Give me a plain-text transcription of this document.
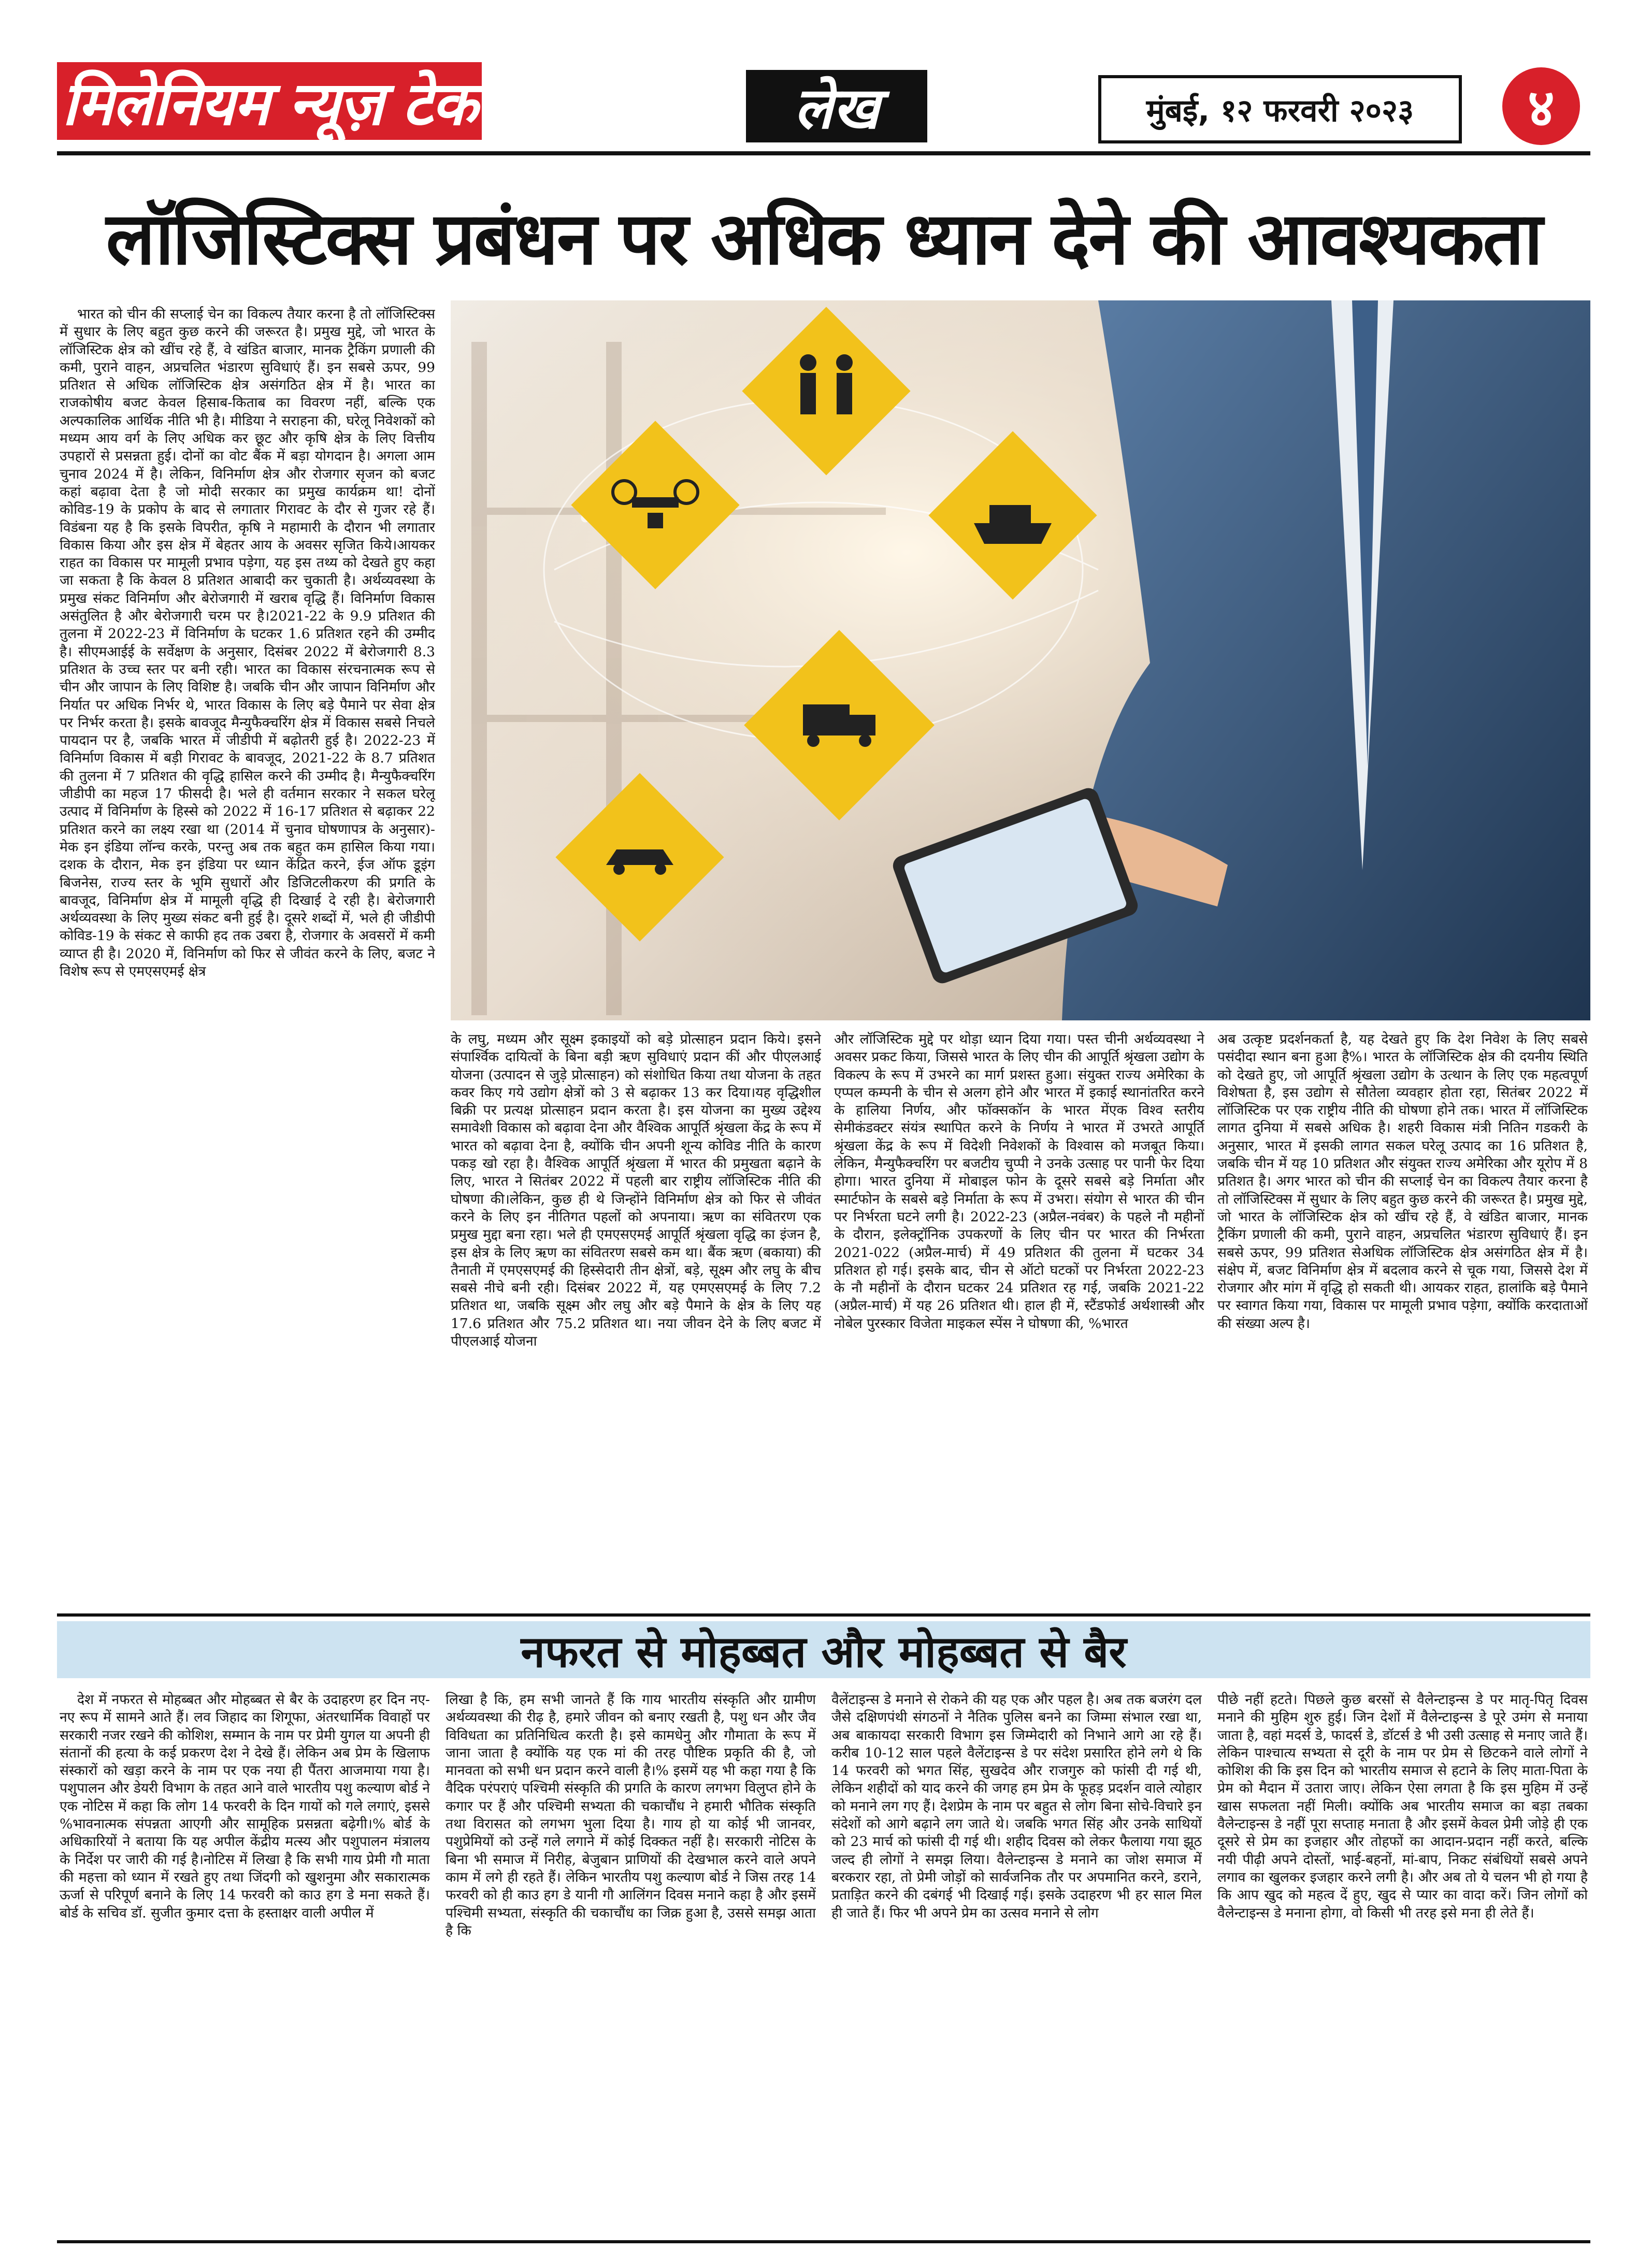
मिलेनियम न्यूज़ टेक	लेख	मुंबई, १२ फरवरी २०२३	४
लॉजिस्टिक्स प्रबंधन पर अधिक ध्यान देने की आवश्यकता

भारत को चीन की सप्लाई चेन का विकल्प तैयार करना है तो लॉजिस्टिक्स में सुधार के लिए बहुत कुछ करने की जरूरत है। प्रमुख मुद्दे, जो भारत के लॉजिस्टिक क्षेत्र को खींच रहे हैं, वे खंडित बाजार, मानक ट्रैकिंग प्रणाली की कमी, पुराने वाहन, अप्रचलित भंडारण सुविधाएं हैं। इन सबसे ऊपर, 99 प्रतिशत से अधिक लॉजिस्टिक क्षेत्र असंगठित क्षेत्र में है। भारत का राजकोषीय बजट केवल हिसाब-किताब का विवरण नहीं, बल्कि एक अल्पकालिक आर्थिक नीति भी है। मीडिया ने सराहना की, घरेलू निवेशकों को मध्यम आय वर्ग के लिए अधिक कर छूट और कृषि क्षेत्र के लिए वित्तीय उपहारों से प्रसन्नता हुई। दोनों का वोट बैंक में बड़ा योगदान है। अगला आम चुनाव 2024 में है। लेकिन, विनिर्माण क्षेत्र और रोजगार सृजन को बजट कहां बढ़ावा देता है जो मोदी सरकार का प्रमुख कार्यक्रम था! दोनों कोविड-19 के प्रकोप के बाद से लगातार गिरावट के दौर से गुजर रहे हैं। विडंबना यह है कि इसके विपरीत, कृषि ने महामारी के दौरान भी लगातार विकास किया और इस क्षेत्र में बेहतर आय के अवसर सृजित किये।आयकर राहत का विकास पर मामूली प्रभाव पड़ेगा, यह इस तथ्य को देखते हुए कहा जा सकता है कि केवल 8 प्रतिशत आबादी कर चुकाती है। अर्थव्यवस्था के प्रमुख संकट विनिर्माण और बेरोजगारी में खराब वृद्धि हैं। विनिर्माण विकास असंतुलित है और बेरोजगारी चरम पर है।2021-22 के 9.9 प्रतिशत की तुलना में 2022-23 में विनिर्माण के घटकर 1.6 प्रतिशत रहने की उम्मीद है। सीएमआईई के सर्वेक्षण के अनुसार, दिसंबर 2022 में बेरोजगारी 8.3 प्रतिशत के उच्च स्तर पर बनी रही। भारत का विकास संरचनात्मक रूप से चीन और जापान के लिए विशिष्ट है। जबकि चीन और जापान विनिर्माण और निर्यात पर अधिक निर्भर थे, भारत विकास के लिए बड़े पैमाने पर सेवा क्षेत्र पर निर्भर करता है। इसके बावजूद मैन्युफैक्चरिंग क्षेत्र में विकास सबसे निचले पायदान पर है, जबकि भारत में जीडीपी में बढ़ोतरी हुई है। 2022-23 में विनिर्माण विकास में बड़ी गिरावट के बावजूद, 2021-22 के 8.7 प्रतिशत की तुलना में 7 प्रतिशत की वृद्धि हासिल करने की उम्मीद है। मैन्युफैक्चरिंग जीडीपी का महज 17 फीसदी है। भले ही वर्तमान सरकार ने सकल घरेलू उत्पाद में विनिर्माण के हिस्से को 2022 में 16-17 प्रतिशत से बढ़ाकर 22 प्रतिशत करने का लक्ष्य रखा था (2014 में चुनाव घोषणापत्र के अनुसार)- मेक इन इंडिया लॉन्च करके, परन्तु अब तक बहुत कम हासिल किया गया। दशक के दौरान, मेक इन इंडिया पर ध्यान केंद्रित करने, ईज ऑफ डूइंग बिजनेस, राज्य स्तर के भूमि सुधारों और डिजिटलीकरण की प्रगति के बावजूद, विनिर्माण क्षेत्र में मामूली वृद्धि ही दिखाई दे रही है। बेरोजगारी अर्थव्यवस्था के लिए मुख्य संकट बनी हुई है। दूसरे शब्दों में, भले ही जीडीपी कोविड-19 के संकट से काफी हद तक उबरा है, रोजगार के अवसरों में कमी व्याप्त ही है। 2020 में, विनिर्माण को फिर से जीवंत करने के लिए, बजट ने विशेष रूप से एमएसएमई क्षेत्र

के लघु, मध्यम और सूक्ष्म इकाइयों को बड़े प्रोत्साहन प्रदान किये। इसने संपार्श्विक दायित्वों के बिना बड़ी ऋण सुविधाएं प्रदान कीं और पीएलआई योजना (उत्पादन से जुड़े प्रोत्साहन) को संशोधित किया तथा योजना के तहत कवर किए गये उद्योग क्षेत्रों को 3 से बढ़ाकर 13 कर दिया।यह वृद्धिशील बिक्री पर प्रत्यक्ष प्रोत्साहन प्रदान करता है। इस योजना का मुख्य उद्देश्य समावेशी विकास को बढ़ावा देना और वैश्विक आपूर्ति श्रृंखला केंद्र के रूप में भारत को बढ़ावा देना है, क्योंकि चीन अपनी शून्य कोविड नीति के कारण पकड़ खो रहा है। वैश्विक आपूर्ति श्रृंखला में भारत की प्रमुखता बढ़ाने के लिए, भारत ने सितंबर 2022 में पहली बार राष्ट्रीय लॉजिस्टिक नीति की घोषणा की।लेकिन, कुछ ही थे जिन्होंने विनिर्माण क्षेत्र को फिर से जीवंत करने के लिए इन नीतिगत पहलों को अपनाया। ऋण का संवितरण एक प्रमुख मुद्दा बना रहा। भले ही एमएसएमई आपूर्ति श्रृंखला वृद्धि का इंजन है, इस क्षेत्र के लिए ऋण का संवितरण सबसे कम था। बैंक ऋण (बकाया) की तैनाती में एमएसएमई की हिस्सेदारी तीन क्षेत्रों, बड़े, सूक्ष्म और लघु के बीच सबसे नीचे बनी रही। दिसंबर 2022 में, यह एमएसएमई के लिए 7.2 प्रतिशत था, जबकि सूक्ष्म और लघु और बड़े पैमाने के क्षेत्र के लिए यह 17.6 प्रतिशत और 75.2 प्रतिशत था। नया जीवन देने के लिए बजट में पीएलआई योजना

और लॉजिस्टिक मुद्दे पर थोड़ा ध्यान दिया गया। पस्त चीनी अर्थव्यवस्था ने अवसर प्रकट किया, जिससे भारत के लिए चीन की आपूर्ति श्रृंखला उद्योग के विकल्प के रूप में उभरने का मार्ग प्रशस्त हुआ। संयुक्त राज्य अमेरिका के एप्पल कम्पनी के चीन से अलग होने और भारत में इकाई स्थानांतरित करने के हालिया निर्णय, और फॉक्सकॉन के भारत मेंएक विश्व स्तरीय सेमीकंडक्टर संयंत्र स्थापित करने के निर्णय ने भारत में उभरते आपूर्ति श्रृंखला केंद्र के रूप में विदेशी निवेशकों के विश्वास को मजबूत किया।लेकिन, मैन्युफैक्चरिंग पर बजटीय चुप्पी ने उनके उत्साह पर पानी फेर दिया होगा। भारत दुनिया में मोबाइल फोन के दूसरे सबसे बड़े निर्माता और स्मार्टफोन के सबसे बड़े निर्माता के रूप में उभरा। संयोग से भारत की चीन पर निर्भरता घटने लगी है। 2022-23 (अप्रैल-नवंबर) के पहले नौ महीनों के दौरान, इलेक्ट्रॉनिक उपकरणों के लिए चीन पर भारत की निर्भरता 2021-022 (अप्रैल-मार्च) में 49 प्रतिशत की तुलना में घटकर 34 प्रतिशत हो गई। इसके बाद, चीन से ऑटो घटकों पर निर्भरता 2022-23 के नौ महीनों के दौरान घटकर 24 प्रतिशत रह गई, जबकि 2021-22 (अप्रैल-मार्च) में यह 26 प्रतिशत थी। हाल ही में, स्टैंडफोर्ड अर्थशास्त्री और नोबेल पुरस्कार विजेता माइकल स्पेंस ने घोषणा की, %भारत

अब उत्कृष्ट प्रदर्शनकर्ता है, यह देखते हुए कि देश निवेश के लिए सबसे पसंदीदा स्थान बना हुआ है%। भारत के लॉजिस्टिक क्षेत्र की दयनीय स्थिति को देखते हुए, जो आपूर्ति श्रृंखला उद्योग के उत्थान के लिए एक महत्वपूर्ण विशेषता है, इस उद्योग से सौतेला व्यवहार होता रहा, सितंबर 2022 में लॉजिस्टिक पर एक राष्ट्रीय नीति की घोषणा होने तक। भारत में लॉजिस्टिक लागत दुनिया में सबसे अधिक है। शहरी विकास मंत्री नितिन गडकरी के अनुसार, भारत में इसकी लागत सकल घरेलू उत्पाद का 16 प्रतिशत है, जबकि चीन में यह 10 प्रतिशत और संयुक्त राज्य अमेरिका और यूरोप में 8 प्रतिशत है। अगर भारत को चीन की सप्लाई चेन का विकल्प तैयार करना है तो लॉजिस्टिक्स में सुधार के लिए बहुत कुछ करने की जरूरत है। प्रमुख मुद्दे, जो भारत के लॉजिस्टिक क्षेत्र को खींच रहे हैं, वे खंडित बाजार, मानक ट्रैकिंग प्रणाली की कमी, पुराने वाहन, अप्रचलित भंडारण सुविधाएं हैं। इन सबसे ऊपर, 99 प्रतिशत सेअधिक लॉजिस्टिक क्षेत्र असंगठित क्षेत्र में है।संक्षेप में, बजट विनिर्माण क्षेत्र में बदलाव करने से चूक गया, जिससे देश में रोजगार और मांग में वृद्धि हो सकती थी। आयकर राहत, हालांकि बड़े पैमाने पर स्वागत किया गया, विकास पर मामूली प्रभाव पड़ेगा, क्योंकि करदाताओं की संख्या अल्प है।

नफरत से मोहब्बत और मोहब्बत से बैर

देश में नफरत से मोहब्बत और मोहब्बत से बैर के उदाहरण हर दिन नए-नए रूप में सामने आते हैं। लव जिहाद का शिगूफा, अंतरधार्मिक विवाहों पर सरकारी नजर रखने की कोशिश, सम्मान के नाम पर प्रेमी युगल या अपनी ही संतानों की हत्या के कई प्रकरण देश ने देखे हैं। लेकिन अब प्रेम के खिलाफ संस्कारों को खड़ा करने के नाम पर एक नया ही पैंतरा आजमाया गया है।पशुपालन और डेयरी विभाग के तहत आने वाले भारतीय पशु कल्याण बोर्ड ने एक नोटिस में कहा कि लोग 14 फरवरी के दिन गायों को गले लगाएं, इससे %भावनात्मक संपन्नता आएगी और सामूहिक प्रसन्नता बढ़ेगी।% बोर्ड के अधिकारियों ने बताया कि यह अपील केंद्रीय मत्स्य और पशुपालन मंत्रालय के निर्देश पर जारी की गई है।नोटिस में लिखा है कि सभी गाय प्रेमी गौ माता की महत्ता को ध्यान में रखते हुए तथा जिंदगी को खुशनुमा और सकारात्मक ऊर्जा से परिपूर्ण बनाने के लिए 14 फरवरी को काउ हग डे मना सकते हैं। बोर्ड के सचिव डॉ. सुजीत कुमार दत्ता के हस्ताक्षर वाली अपील में

लिखा है कि, हम सभी जानते हैं कि गाय भारतीय संस्कृति और ग्रामीण अर्थव्यवस्था की रीढ़ है, हमारे जीवन को बनाए रखती है, पशु धन और जैव विविधता का प्रतिनिधित्व करती है। इसे कामधेनु और गौमाता के रूप में जाना जाता है क्योंकि यह एक मां की तरह पौष्टिक प्रकृति की है, जो मानवता को सभी धन प्रदान करने वाली है।% इसमें यह भी कहा गया है कि वैदिक परंपराएं पश्चिमी संस्कृति की प्रगति के कारण लगभग विलुप्त होने के कगार पर हैं और पश्चिमी सभ्यता की चकाचौंध ने हमारी भौतिक संस्कृति तथा विरासत को लगभग भुला दिया है। गाय हो या कोई भी जानवर, पशुप्रेमियों को उन्हें गले लगाने में कोई दिक्कत नहीं है। सरकारी नोटिस के बिना भी समाज में निरीह, बेजुबान प्राणियों की देखभाल करने वाले अपने काम में लगे ही रहते हैं। लेकिन भारतीय पशु कल्याण बोर्ड ने जिस तरह 14 फरवरी को ही काउ हग डे यानी गौ आलिंगन दिवस मनाने कहा है और इसमें पश्चिमी सभ्यता, संस्कृति की चकाचौंध का जिक्र हुआ है, उससे समझ आता है कि

वैलेंटाइन्स डे मनाने से रोकने की यह एक और पहल है। अब तक बजरंग दल जैसे दक्षिणपंथी संगठनों ने नैतिक पुलिस बनने का जिम्मा संभाल रखा था, अब बाकायदा सरकारी विभाग इस जिम्मेदारी को निभाने आगे आ रहे हैं। करीब 10-12 साल पहले वैलेंटाइन्स डे पर संदेश प्रसारित होने लगे थे कि 14 फरवरी को भगत सिंह, सुखदेव और राजगुरु को फांसी दी गई थी, लेकिन शहीदों को याद करने की जगह हम प्रेम के फूहड़ प्रदर्शन वाले त्योहार को मनाने लग गए हैं। देशप्रेम के नाम पर बहुत से लोग बिना सोचे-विचारे इन संदेशों को आगे बढ़ाने लग जाते थे। जबकि भगत सिंह और उनके साथियों को 23 मार्च को फांसी दी गई थी। शहीद दिवस को लेकर फैलाया गया झूठ जल्द ही लोगों ने समझ लिया। वैलेन्टाइन्स डे मनाने का जोश समाज में बरकरार रहा, तो प्रेमी जोड़ों को सार्वजनिक तौर पर अपमानित करने, डराने, प्रताड़ित करने की दबंगई भी दिखाई गई। इसके उदाहरण भी हर साल मिल ही जाते हैं। फिर भी अपने प्रेम का उत्सव मनाने से लोग

पीछे नहीं हटते। पिछले कुछ बरसों से वैलेन्टाइन्स डे पर मातृ-पितृ दिवस मनाने की मुहिम शुरु हुई। जिन देशों में वैलेन्टाइन्स डे पूरे उमंग से मनाया जाता है, वहां मदर्स डे, फादर्स डे, डॉटर्स डे भी उसी उत्साह से मनाए जाते हैं।लेकिन पाश्चात्य सभ्यता से दूरी के नाम पर प्रेम से छिटकने वाले लोगों ने कोशिश की कि इस दिन को भारतीय समाज से हटाने के लिए माता-पिता के प्रेम को मैदान में उतारा जाए। लेकिन ऐसा लगता है कि इस मुहिम में उन्हें खास सफलता नहीं मिली। क्योंकि अब भारतीय समाज का बड़ा तबका वैलेन्टाइन्स डे नहीं पूरा सप्ताह मनाता है और इसमें केवल प्रेमी जोड़े ही एक दूसरे से प्रेम का इजहार और तोहफों का आदान-प्रदान नहीं करते, बल्कि नयी पीढ़ी अपने दोस्तों, भाई-बहनों, मां-बाप, निकट संबंधियों सबसे अपने लगाव का खुलकर इजहार करने लगी है। और अब तो ये चलन भी हो गया है कि आप खुद को महत्व दें हुए, खुद से प्यार का वादा करें। जिन लोगों को वैलेन्टाइन्स डे मनाना होगा, वो किसी भी तरह इसे मना ही लेते हैं।
